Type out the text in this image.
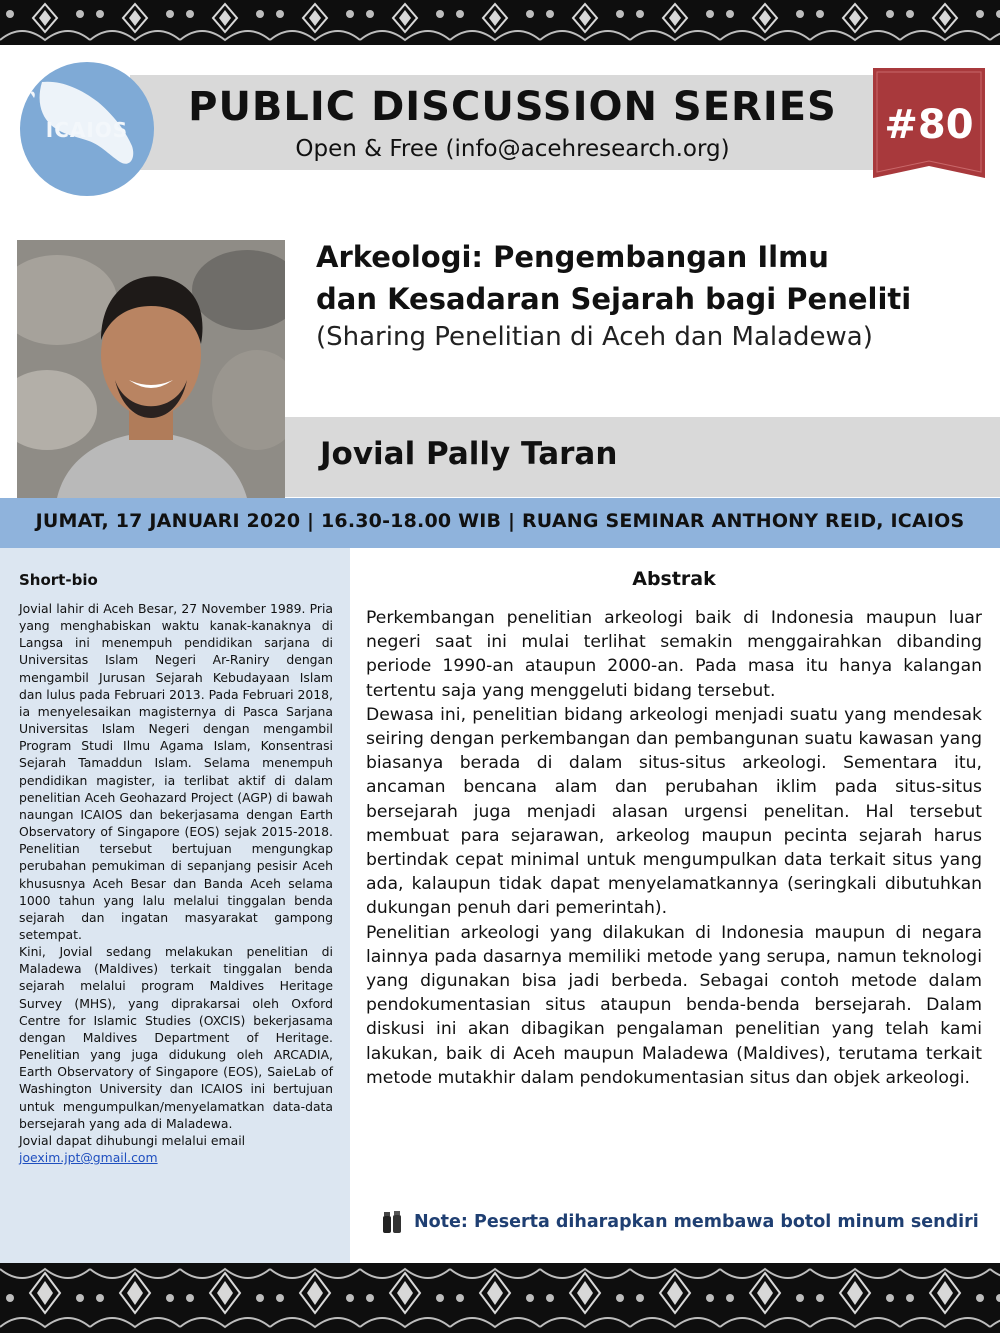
ICAIOS	PUBLIC DISCUSSION SERIES
Open & Free (info@acehresearch.org)
#80
Arkeologi: Pengembangan Ilmu
dan Kesadaran Sejarah bagi Peneliti
(Sharing Penelitian di Aceh dan Maladewa)
Jovial Pally Taran
JUMAT, 17 JANUARI 2020 | 16.30-18.00 WIB | RUANG SEMINAR ANTHONY REID, ICAIOS
Short-bio

Jovial lahir di Aceh Besar, 27 November 1989. Pria yang menghabiskan waktu kanak-kanaknya di Langsa ini menempuh pendidikan sarjana di Universitas Islam Negeri Ar-Raniry dengan mengambil Jurusan Sejarah Kebudayaan Islam dan lulus pada Februari 2013. Pada Februari 2018, ia menyelesaikan magisternya di Pasca Sarjana Universitas Islam Negeri dengan mengambil Program Studi Ilmu Agama Islam, Konsentrasi Sejarah Tamaddun Islam. Selama menempuh pendidikan magister, ia terlibat aktif di dalam penelitian Aceh Geohazard Project (AGP) di bawah naungan ICAIOS dan bekerjasama dengan Earth Observatory of Singapore (EOS) sejak 2015-2018. Penelitian tersebut bertujuan mengungkap perubahan pemukiman di sepanjang pesisir Aceh khususnya Aceh Besar dan Banda Aceh selama 1000 tahun yang lalu melalui tinggalan benda sejarah dan ingatan masyarakat gampong setempat.

Kini, Jovial sedang melakukan penelitian di Maladewa (Maldives) terkait tinggalan benda sejarah melalui program Maldives Heritage Survey (MHS), yang diprakarsai oleh Oxford Centre for Islamic Studies (OXCIS) bekerjasama dengan Maldives Department of Heritage. Penelitian yang juga didukung oleh ARCADIA, Earth Observatory of Singapore (EOS), SaieLab of Washington University dan ICAIOS ini bertujuan untuk mengumpulkan/menyelamatkan data-data bersejarah yang ada di Maladewa.

Jovial dapat dihubungi melalui email

joexim.jpt@gmail.com

Abstrak

Perkembangan penelitian arkeologi baik di Indonesia maupun luar negeri saat ini mulai terlihat semakin menggairahkan dibanding periode 1990-an ataupun 2000-an. Pada masa itu hanya kalangan tertentu saja yang menggeluti bidang tersebut.

Dewasa ini, penelitian bidang arkeologi menjadi suatu yang mendesak seiring dengan perkembangan dan pembangunan suatu kawasan yang biasanya berada di dalam situs-situs arkeologi. Sementara itu, ancaman bencana alam dan perubahan iklim pada situs-situs bersejarah juga menjadi alasan urgensi penelitan. Hal tersebut membuat para sejarawan, arkeolog maupun pecinta sejarah harus bertindak cepat minimal untuk mengumpulkan data terkait situs yang ada, kalaupun tidak dapat menyelamatkannya (seringkali dibutuhkan dukungan penuh dari pemerintah).

Penelitian arkeologi yang dilakukan di Indonesia maupun di negara lainnya pada dasarnya memiliki metode yang serupa, namun teknologi yang digunakan bisa jadi berbeda. Sebagai contoh metode dalam pendokumentasian situs ataupun benda-benda bersejarah. Dalam diskusi ini akan dibagikan pengalaman penelitian yang telah kami lakukan, baik di Aceh maupun Maladewa (Maldives), terutama terkait metode mutakhir dalam pendokumentasian situs dan objek arkeologi.

Note: Peserta diharapkan membawa botol minum sendiri
